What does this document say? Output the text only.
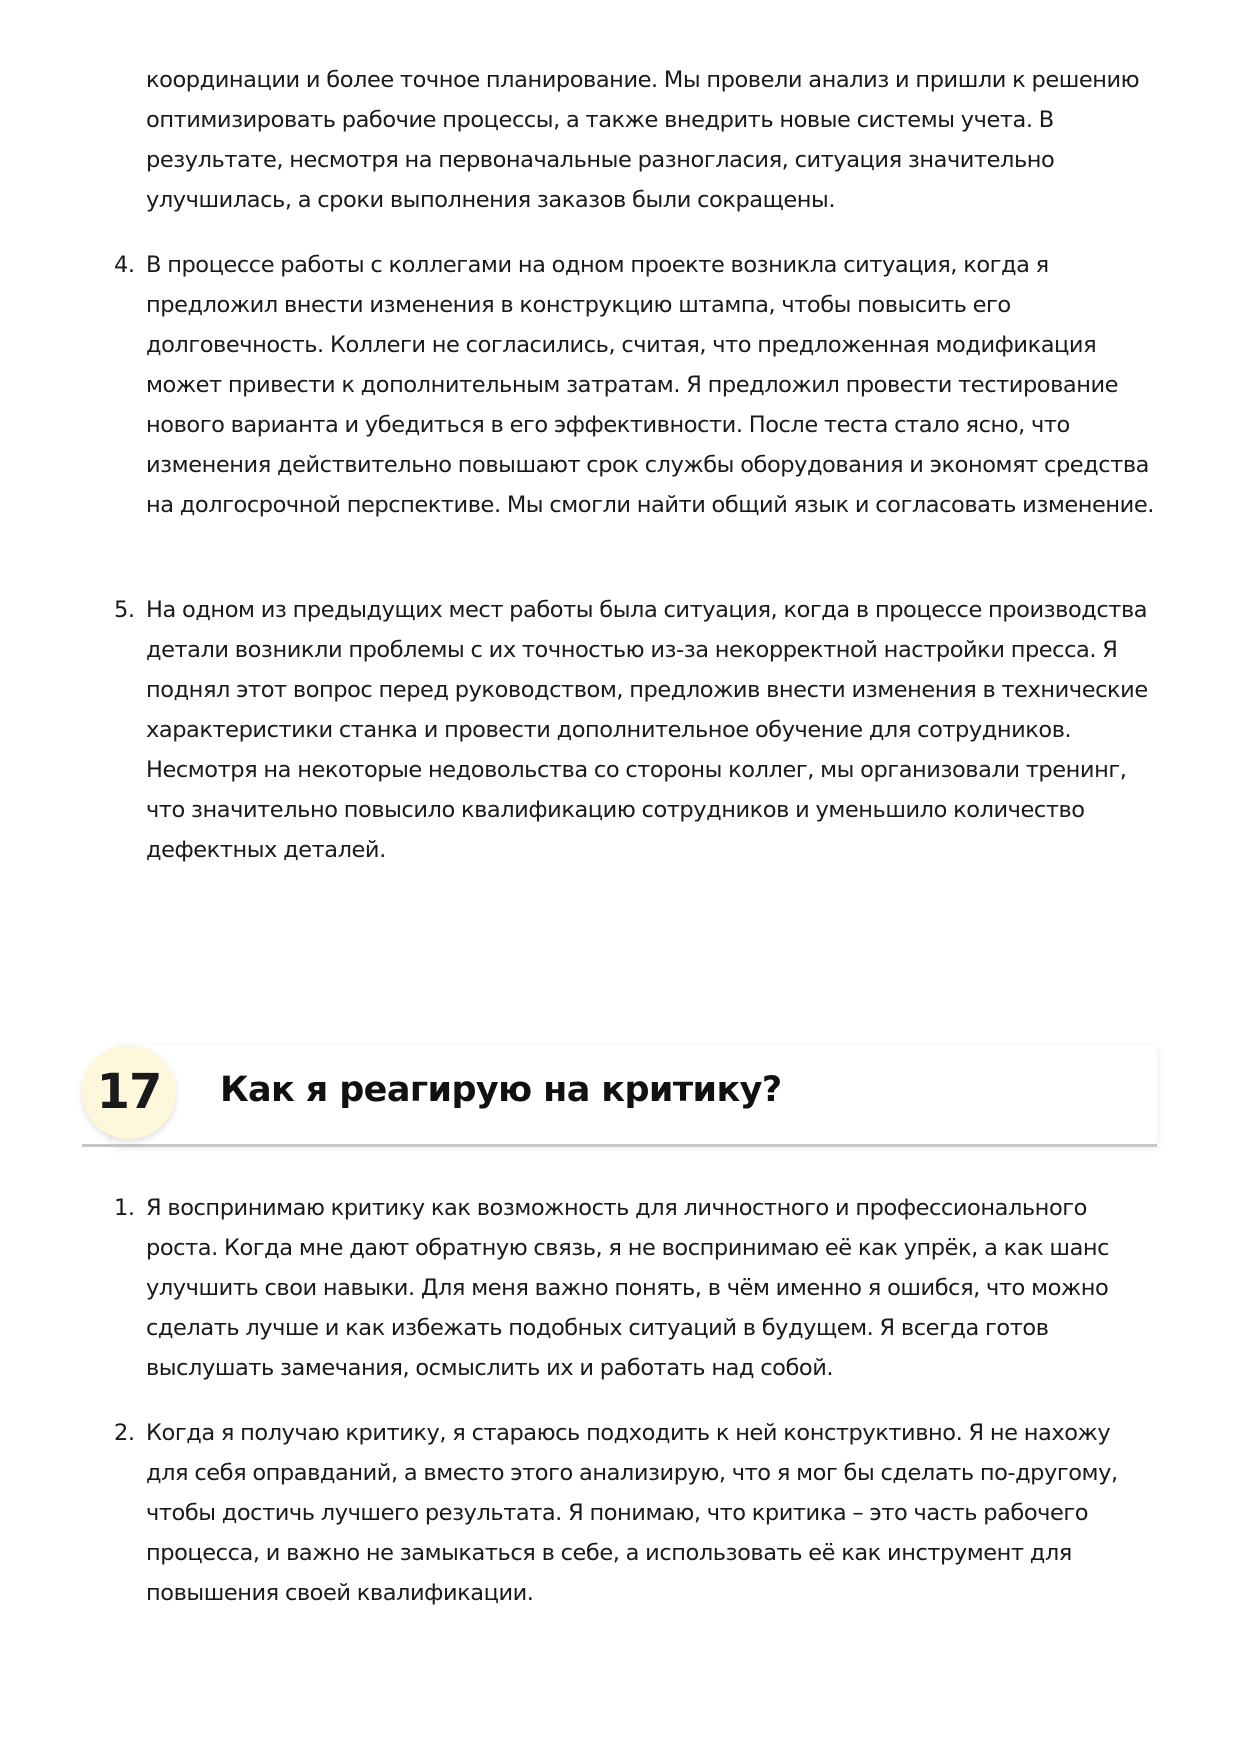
координации и более точное планирование. Мы провели анализ и пришли к решению оптимизировать рабочие процессы, а также внедрить новые системы учета. В результате, несмотря на первоначальные разногласия, ситуация значительно улучшилась, а сроки выполнения заказов были сокращены.
4. В процессе работы с коллегами на одном проекте возникла ситуация, когда я предложил внести изменения в конструкцию штампа, чтобы повысить его долговечность. Коллеги не согласились, считая, что предложенная модификация может привести к дополнительным затратам. Я предложил провести тестирование нового варианта и убедиться в его эффективности. После теста стало ясно, что изменения действительно повышают срок службы оборудования и экономят средства на долгосрочной перспективе. Мы смогли найти общий язык и согласовать изменение.
5. На одном из предыдущих мест работы была ситуация, когда в процессе производства детали возникли проблемы с их точностью из-за некорректной настройки пресса. Я поднял этот вопрос перед руководством, предложив внести изменения в технические характеристики станка и провести дополнительное обучение для сотрудников. Несмотря на некоторые недовольства со стороны коллег, мы организовали тренинг, что значительно повысило квалификацию сотрудников и уменьшило количество дефектных деталей.
17	Как я реагирую на критику?
1. Я воспринимаю критику как возможность для личностного и профессионального роста. Когда мне дают обратную связь, я не воспринимаю её как упрёк, а как шанс улучшить свои навыки. Для меня важно понять, в чём именно я ошибся, что можно сделать лучше и как избежать подобных ситуаций в будущем. Я всегда готов выслушать замечания, осмыслить их и работать над собой.
2. Когда я получаю критику, я стараюсь подходить к ней конструктивно. Я не нахожу для себя оправданий, а вместо этого анализирую, что я мог бы сделать по-другому, чтобы достичь лучшего результата. Я понимаю, что критика – это часть рабочего процесса, и важно не замыкаться в себе, а использовать её как инструмент для повышения своей квалификации.
